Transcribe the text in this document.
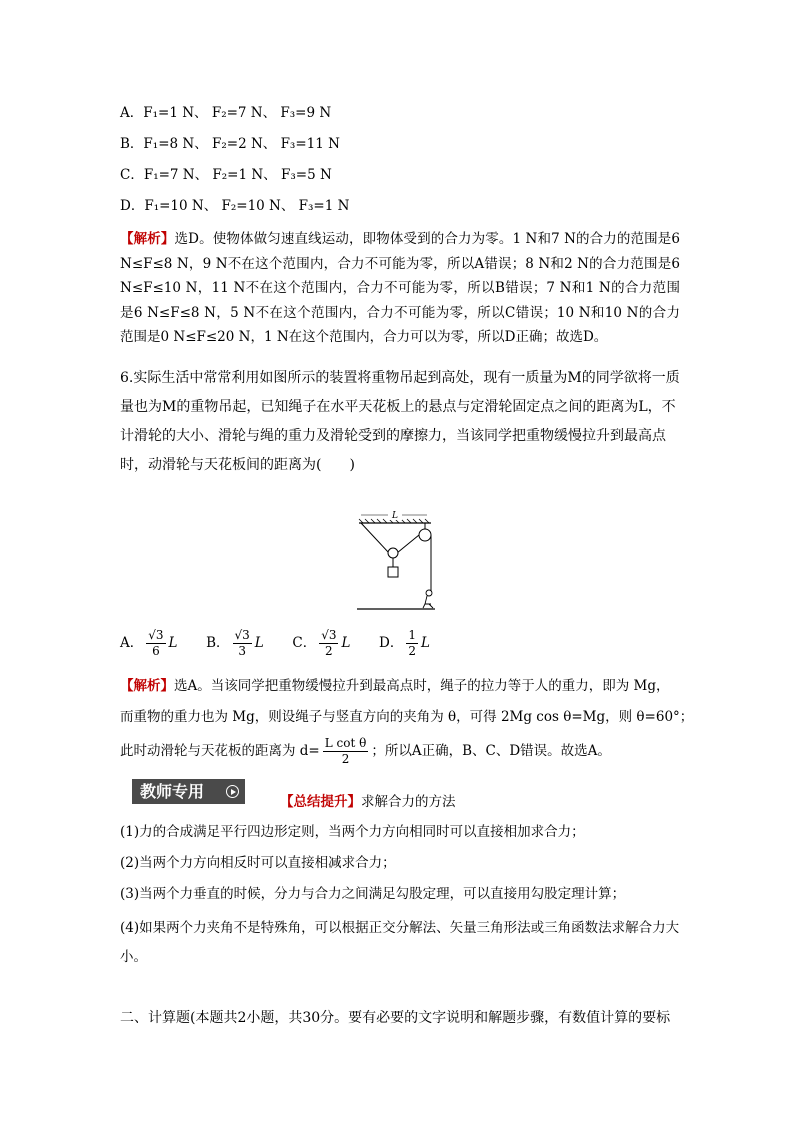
A．F₁=1 N、 F₂=7 N、 F₃=9 N
B．F₁=8 N、 F₂=2 N、 F₃=11 N
C．F₁=7 N、 F₂=1 N、 F₃=5 N
D．F₁=10 N、 F₂=10 N、 F₃=1 N
【解析】选D。使物体做匀速直线运动，即物体受到的合力为零。1 N和7 N的合力的范围是6 N≤F≤8 N，9 N不在这个范围内，合力不可能为零，所以A错误；8 N和2 N的合力范围是6 N≤F≤10 N，11 N不在这个范围内，合力不可能为零，所以B错误；7 N和1 N的合力范围是6 N≤F≤8 N，5 N不在这个范围内，合力不可能为零，所以C错误；10 N和10 N的合力范围是0 N≤F≤20 N，1 N在这个范围内，合力可以为零，所以D正确；故选D。
6.实际生活中常常利用如图所示的装置将重物吊起到高处，现有一质量为M的同学欲将一质量也为M的重物吊起，已知绳子在水平天花板上的悬点与定滑轮固定点之间的距离为L，不计滑轮的大小、滑轮与绳的重力及滑轮受到的摩擦力，当该同学把重物缓慢拉升到最高点时，动滑轮与天花板间的距离为(　　)
L
A． $\frac{√3}{6}$ L B． $\frac{√3}{3}$ L C． $\frac{√3}{2}$ L D． $\frac{1}{2}$ L
【解析】选A。当该同学把重物缓慢拉升到最高点时，绳子的拉力等于人的重力，即为 Mg，
而重物的重力也为 Mg，则设绳子与竖直方向的夹角为 θ，可得 2Mg cos θ=Mg，则 θ=60°；
此时动滑轮与天花板的距离为 $d= \frac{\text{L cot θ}}{2}$ ；所以A正确，B、C、D错误。故选A。
教师专用
【总结提升】求解合力的方法
(1)力的合成满足平行四边形定则，当两个力方向相同时可以直接相加求合力；
(2)当两个力方向相反时可以直接相减求合力；
(3)当两个力垂直的时候，分力与合力之间满足勾股定理，可以直接用勾股定理计算；
(4)如果两个力夹角不是特殊角，可以根据正交分解法、矢量三角形法或三角函数法求解合力大小。
二、计算题(本题共2小题，共30分。要有必要的文字说明和解题步骤，有数值计算的要标
